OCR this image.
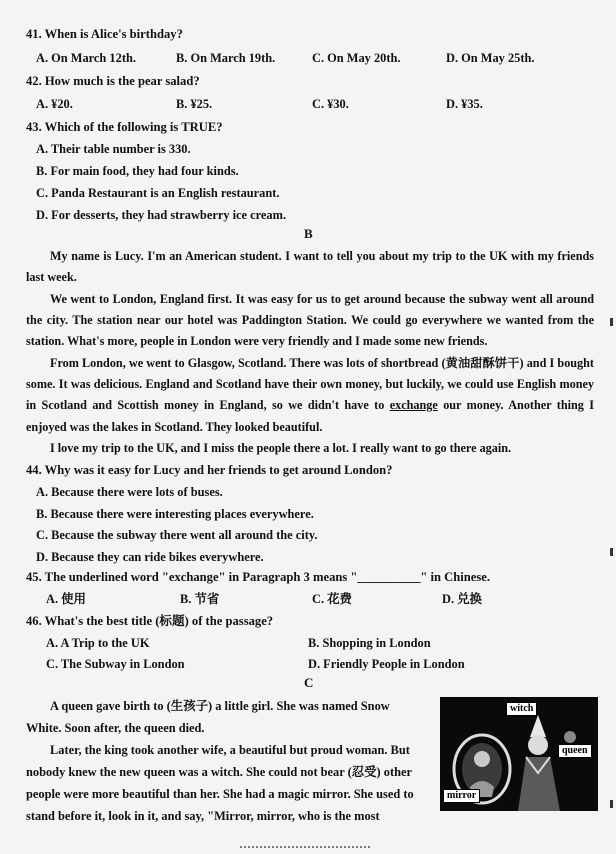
41. When is Alice's birthday?
A. On March 12th.	B. On March 19th.	C. On May 20th.	D. On May 25th.
42. How much is the pear salad?
A. ¥20.	B. ¥25.	C. ¥30.	D. ¥35.
43. Which of the following is TRUE?
A. Their table number is 330.
B. For main food, they had four kinds.
C. Panda Restaurant is an English restaurant.
D. For desserts, they had strawberry ice cream.
B
My name is Lucy. I'm an American student. I want to tell you about my trip to the UK with my friends last week.
We went to London, England first. It was easy for us to get around because the subway went all around the city. The station near our hotel was Paddington Station. We could go everywhere we wanted from the station. What's more, people in London were very friendly and I made some new friends.
From London, we went to Glasgow, Scotland. There was lots of shortbread (黄油甜酥饼干) and I bought some. It was delicious. England and Scotland have their own money, but luckily, we could use English money in Scotland and Scottish money in England, so we didn't have to exchange our money. Another thing I enjoyed was the lakes in Scotland. They looked beautiful.
I love my trip to the UK, and I miss the people there a lot. I really want to go there again.
44. Why was it easy for Lucy and her friends to get around London?
A. Because there were lots of buses.
B. Because there were interesting places everywhere.
C. Because the subway there went all around the city.
D. Because they can ride bikes everywhere.
45. The underlined word "exchange" in Paragraph 3 means "__________" in Chinese.
A. 使用	B. 节省	C. 花费	D. 兑换
46. What's the best title (标题) of the passage?
A. A Trip to the UK	B. Shopping in London
C. The Subway in London	D. Friendly People in London
C
A queen gave birth to (生孩子) a little girl. She was named Snow
White. Soon after, the queen died.
Later, the king took another wife, a beautiful but proud woman. But
nobody knew the new queen was a witch. She could not bear (忍受) other
people were more beautiful than her. She had a magic mirror. She used to
stand before it, look in it, and say, "Mirror, mirror, who is the most
witch
queen
mirror
